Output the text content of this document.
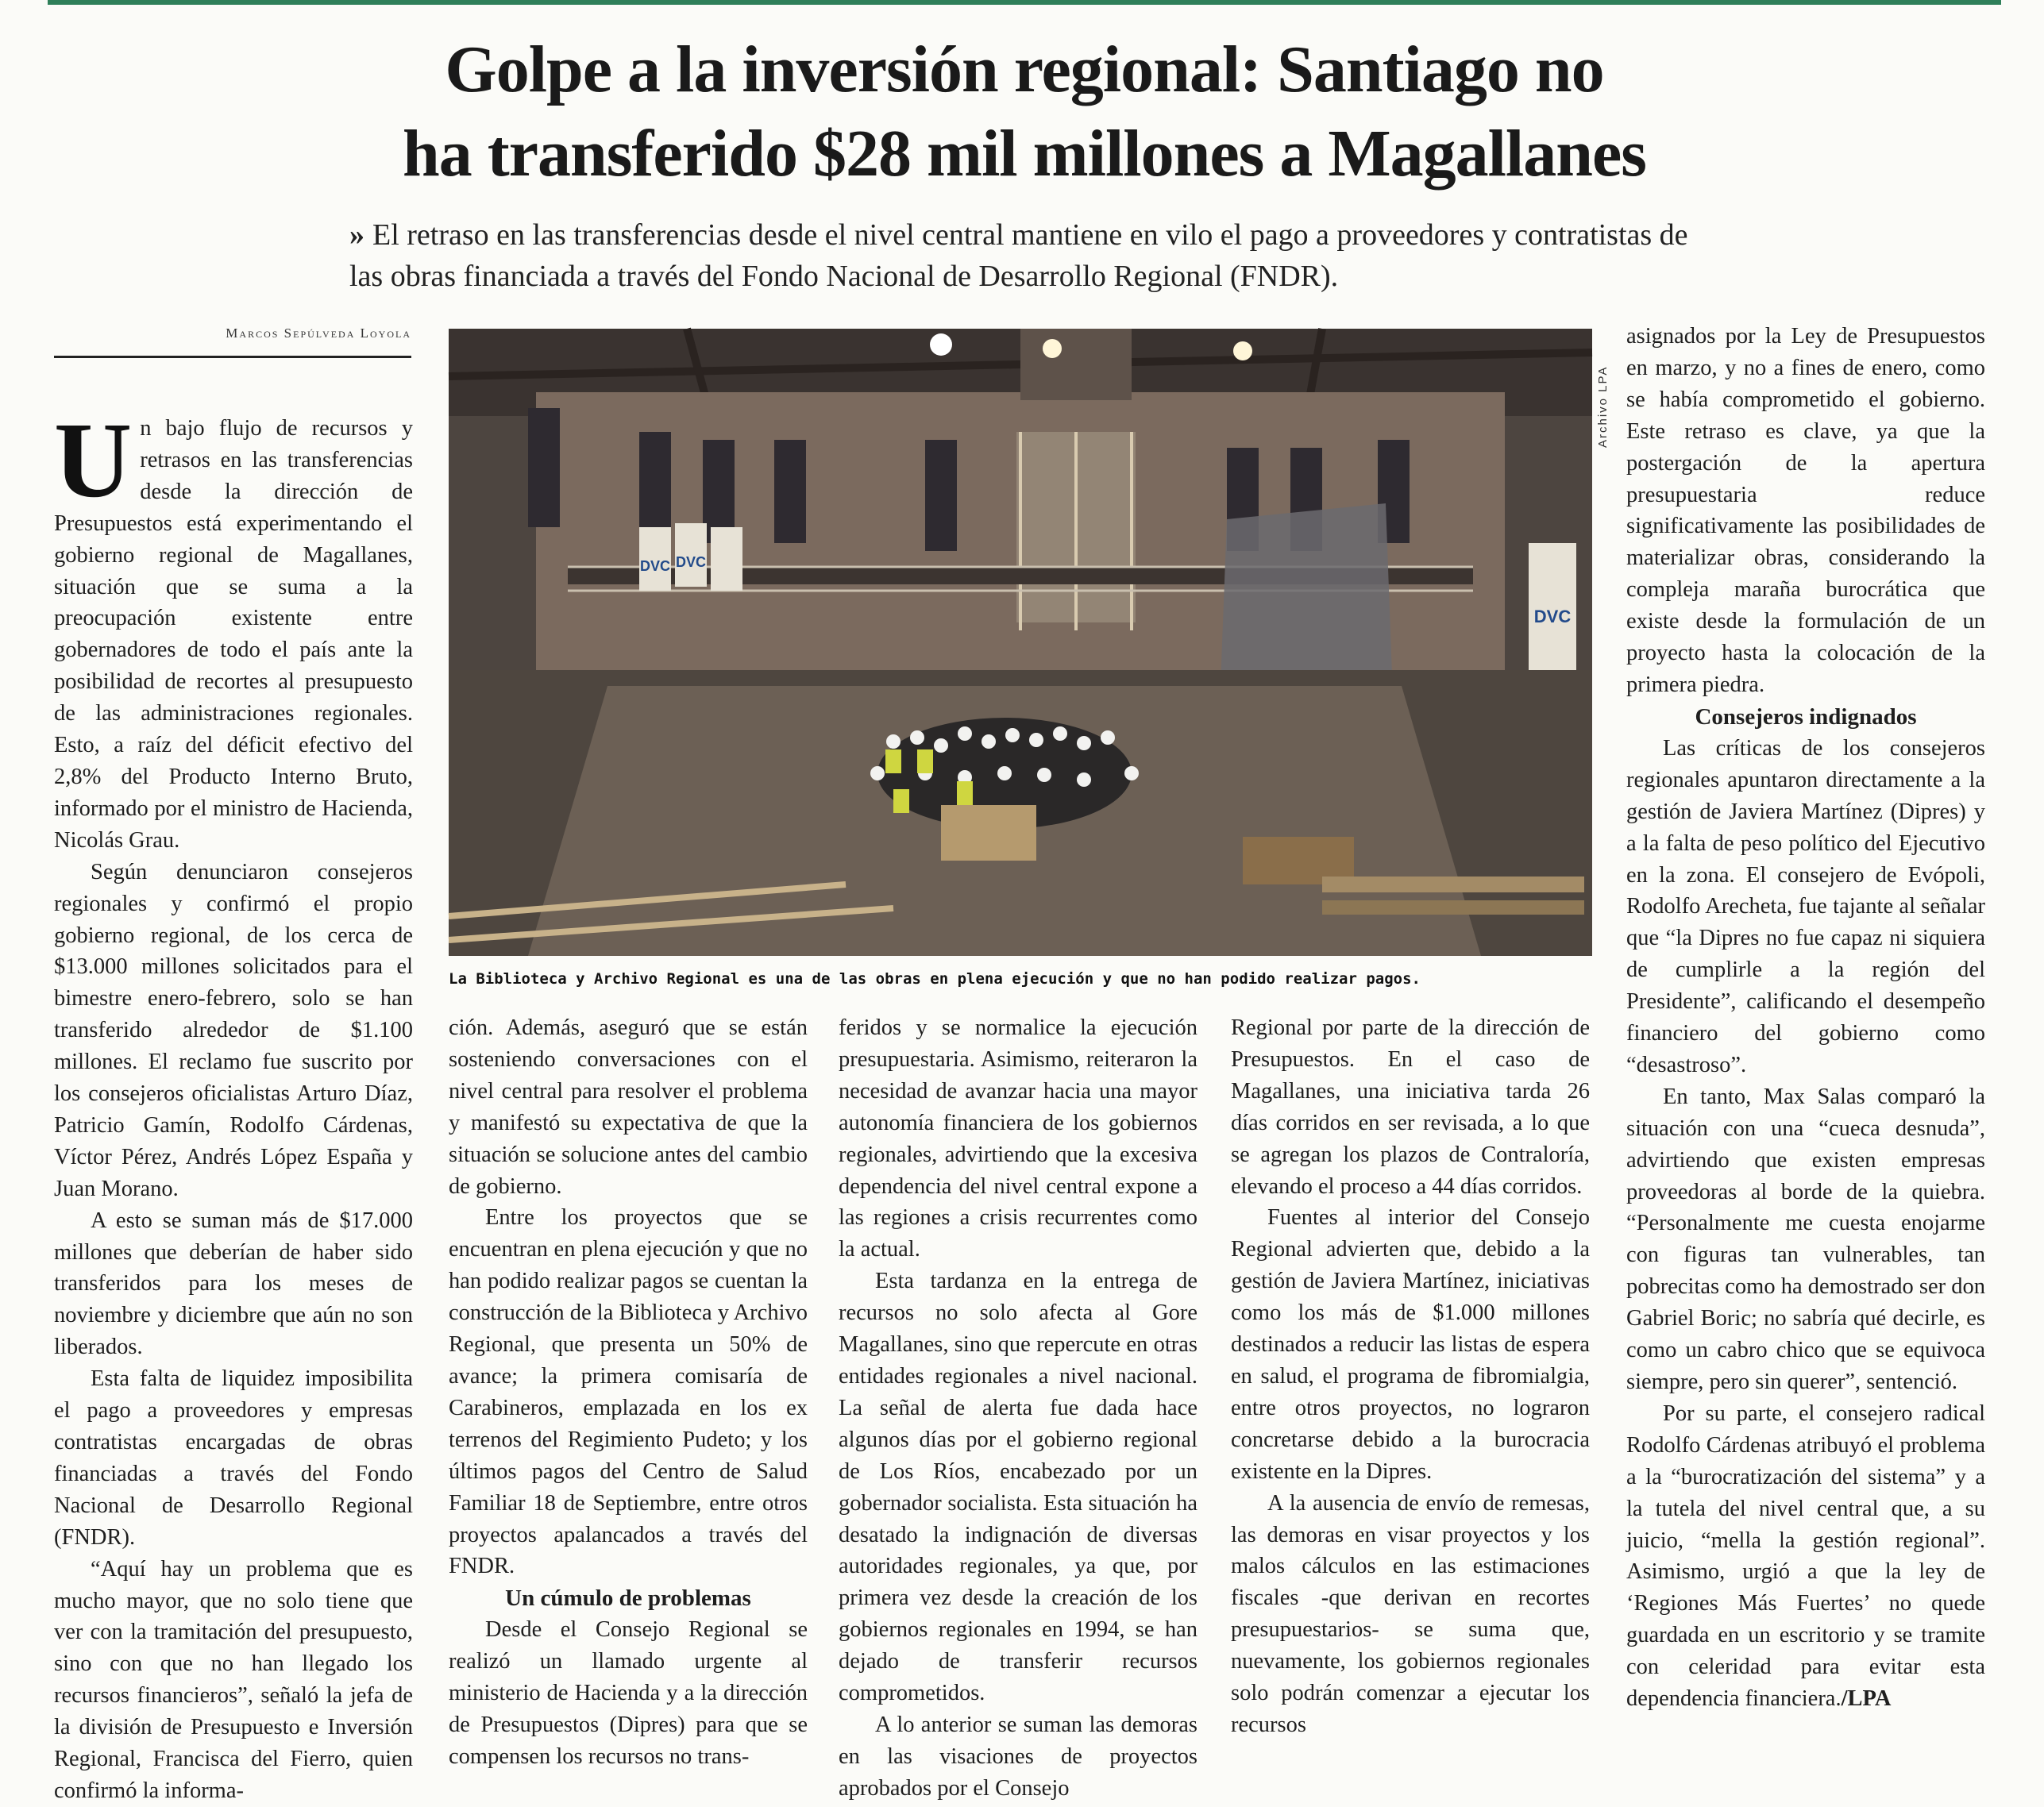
Golpe a la inversión regional: Santiago no
ha transferido $28 mil millones a Magallanes
» El retraso en las transferencias desde el nivel central mantiene en vilo el pago a proveedores y contratistas de las obras financiada a través del Fondo Nacional de Desarrollo Regional (FNDR).
Marcos Sepúlveda Loyola
DVC DVC
DVC
Archivo LPA
La Biblioteca y Archivo Regional es una de las obras en plena ejecución y que no han podido realizar pagos.

Un bajo flujo de recursos y retrasos en las transferencias desde la dirección de Presupuestos está experimentando el gobierno regional de Magallanes, situación que se suma a la preocupación existente entre gobernadores de todo el país ante la posibilidad de recortes al presupuesto de las administraciones regionales. Esto, a raíz del déficit efectivo del 2,8% del Producto Interno Bruto, informado por el ministro de Hacienda, Nicolás Grau.

Según denunciaron consejeros regionales y confirmó el propio gobierno regional, de los cerca de $13.000 millones solicitados para el bimestre enero-febrero, solo se han transferido alrededor de $1.100 millones. El reclamo fue suscrito por los consejeros oficialistas Arturo Díaz, Patricio Gamín, Rodolfo Cárdenas, Víctor Pérez, Andrés López España y Juan Morano.

A esto se suman más de $17.000 millones que deberían de haber sido transferidos para los meses de noviembre y diciembre que aún no son liberados.

Esta falta de liquidez imposibilita el pago a proveedores y empresas contratistas encargadas de obras financiadas a través del Fondo Nacional de Desarrollo Regional (FNDR).

“Aquí hay un problema que es mucho mayor, que no solo tiene que ver con la tramitación del presupuesto, sino con que no han llegado los recursos financieros”, señaló la jefa de la división de Presupuesto e Inversión Regional, Francisca del Fierro, quien confirmó la informa-

ción. Además, aseguró que se están sosteniendo conversaciones con el nivel central para resolver el problema y manifestó su expectativa de que la situación se solucione antes del cambio de gobierno.

Entre los proyectos que se encuentran en plena ejecución y que no han podido realizar pagos se cuentan la construcción de la Biblioteca y Archivo Regional, que presenta un 50% de avance; la primera comisaría de Carabineros, emplazada en los ex terrenos del Regimiento Pudeto; y los últimos pagos del Centro de Salud Familiar 18 de Septiembre, entre otros proyectos apalancados a través del FNDR.

Un cúmulo de problemas

Desde el Consejo Regional se realizó un llamado urgente al ministerio de Hacienda y a la dirección de Presupuestos (Dipres) para que se compensen los recursos no trans-

feridos y se normalice la ejecución presupuestaria. Asimismo, reiteraron la necesidad de avanzar hacia una mayor autonomía financiera de los gobiernos regionales, advirtiendo que la excesiva dependencia del nivel central expone a las regiones a crisis recurrentes como la actual.

Esta tardanza en la entrega de recursos no solo afecta al Gore Magallanes, sino que repercute en otras entidades regionales a nivel nacional. La señal de alerta fue dada hace algunos días por el gobierno regional de Los Ríos, encabezado por un gobernador socialista. Esta situación ha desatado la indignación de diversas autoridades regionales, ya que, por primera vez desde la creación de los gobiernos regionales en 1994, se han dejado de transferir recursos comprometidos.

A lo anterior se suman las demoras en las visaciones de proyectos aprobados por el Consejo

Regional por parte de la dirección de Presupuestos. En el caso de Magallanes, una iniciativa tarda 26 días corridos en ser revisada, a lo que se agregan los plazos de Contraloría, elevando el proceso a 44 días corridos.

Fuentes al interior del Consejo Regional advierten que, debido a la gestión de Javiera Martínez, iniciativas como los más de $1.000 millones destinados a reducir las listas de espera en salud, el programa de fibromialgia, entre otros proyectos, no lograron concretarse debido a la burocracia existente en la Dipres.

A la ausencia de envío de remesas, las demoras en visar proyectos y los malos cálculos en las estimaciones fiscales -que derivan en recortes presupuestarios- se suma que, nuevamente, los gobiernos regionales solo podrán comenzar a ejecutar los recursos

asignados por la Ley de Presupuestos en marzo, y no a fines de enero, como se había comprometido el gobierno. Este retraso es clave, ya que la postergación de la apertura presupuestaria reduce significativamente las posibilidades de materializar obras, considerando la compleja maraña burocrática que existe desde la formulación de un proyecto hasta la colocación de la primera piedra.

Consejeros indignados

Las críticas de los consejeros regionales apuntaron directamente a la gestión de Javiera Martínez (Dipres) y a la falta de peso político del Ejecutivo en la zona. El consejero de Evópoli, Rodolfo Arecheta, fue tajante al señalar que “la Dipres no fue capaz ni siquiera de cumplirle a la región del Presidente”, calificando el desempeño financiero del gobierno como “desastroso”.

En tanto, Max Salas comparó la situación con una “cueca desnuda”, advirtiendo que existen empresas proveedoras al borde de la quiebra. “Personalmente me cuesta enojarme con figuras tan vulnerables, tan pobrecitas como ha demostrado ser don Gabriel Boric; no sabría qué decirle, es como un cabro chico que se equivoca siempre, pero sin querer”, sentenció.

Por su parte, el consejero radical Rodolfo Cárdenas atribuyó el problema a la “burocratización del sistema” y a la tutela del nivel central que, a su juicio, “mella la gestión regional”. Asimismo, urgió a que la ley de ‘Regiones Más Fuertes’ no quede guardada en un escritorio y se tramite con celeridad para evitar esta dependencia financiera./LPA
